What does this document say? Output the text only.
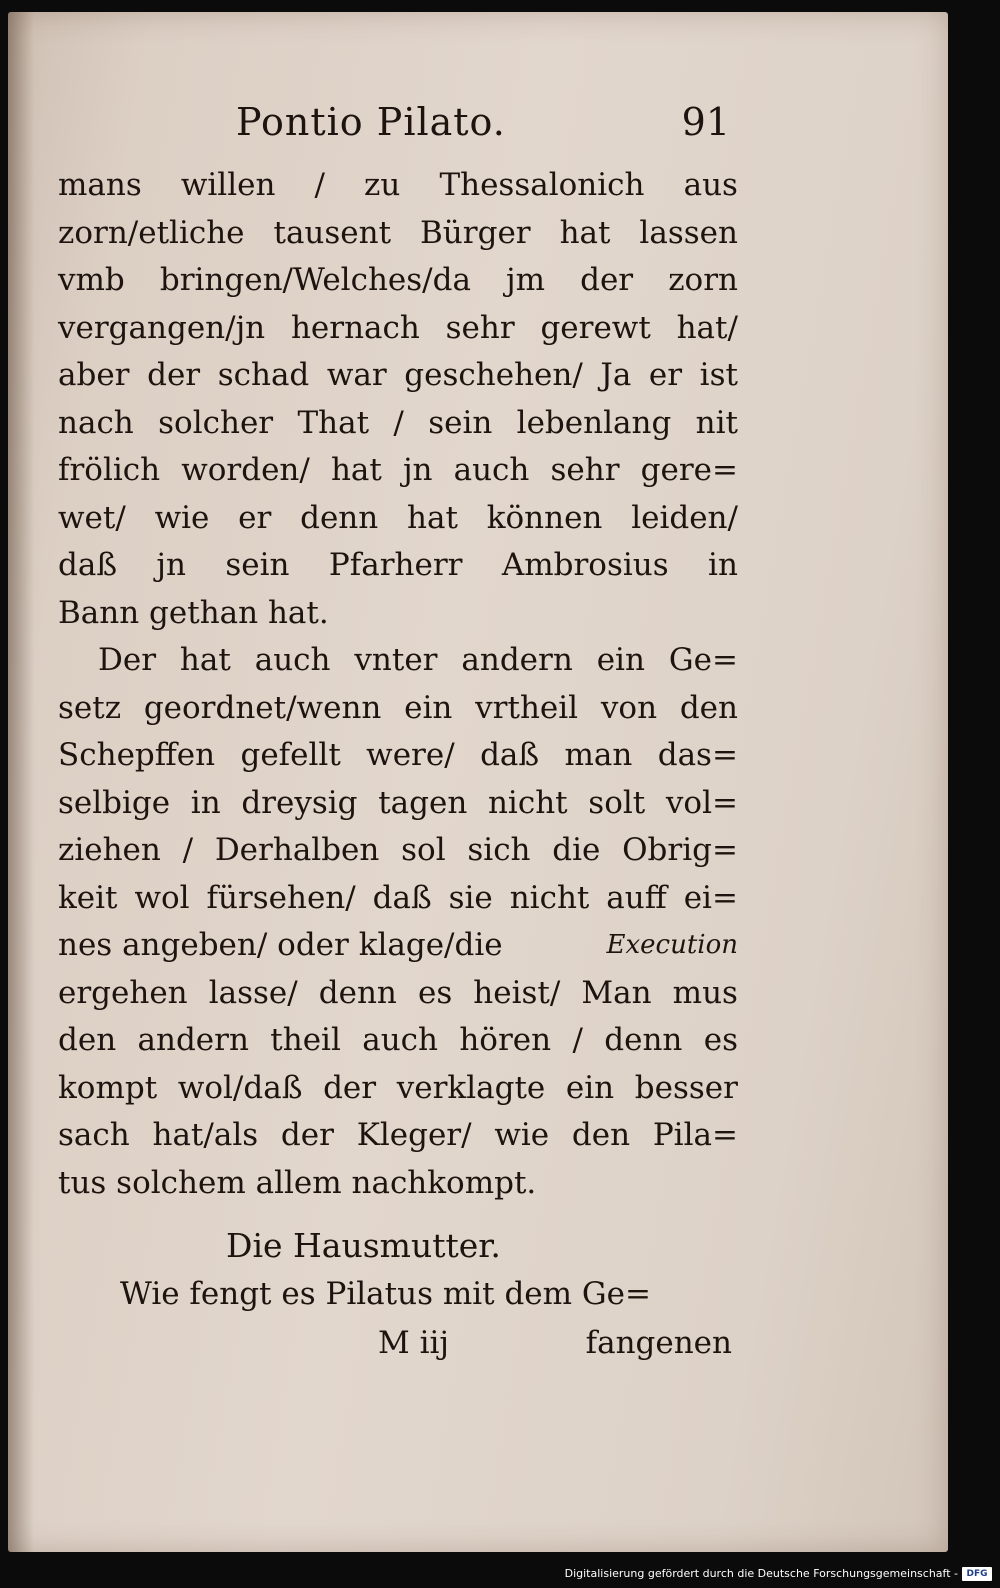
Pontio Pilato.	91
mans willen / zu Thessalonich aus
zorn/etliche tausent Bürger hat lassen
vmb bringen/Welches/da jm der zorn
vergangen/jn hernach sehr gerewt hat/
aber der schad war geschehen/ Ja er ist
nach solcher That / sein lebenlang nit
frölich worden/ hat jn auch sehr gere=
wet/ wie er denn hat können leiden/
daß jn sein Pfarherr Ambrosius in
Bann gethan hat.
Der hat auch vnter andern ein Ge=
setz geordnet/wenn ein vrtheil von den
Schepffen gefellt were/ daß man das=
selbige in dreysig tagen nicht solt vol=
ziehen / Derhalben sol sich die Obrig=
keit wol fürsehen/ daß sie nicht auff ei=
nes angeben/ oder klage/die	Execution
ergehen lasse/ denn es heist/ Man mus
den andern theil auch hören / denn es
kompt wol/daß der verklagte ein besser
sach hat/als der Kleger/ wie den Pila=
tus solchem allem nachkompt.
Die Hausmutter.
Wie fengt es Pilatus mit dem Ge=
M iij	fangenen
Digitalisierung gefördert durch die Deutsche Forschungsgemeinschaft - DFG
